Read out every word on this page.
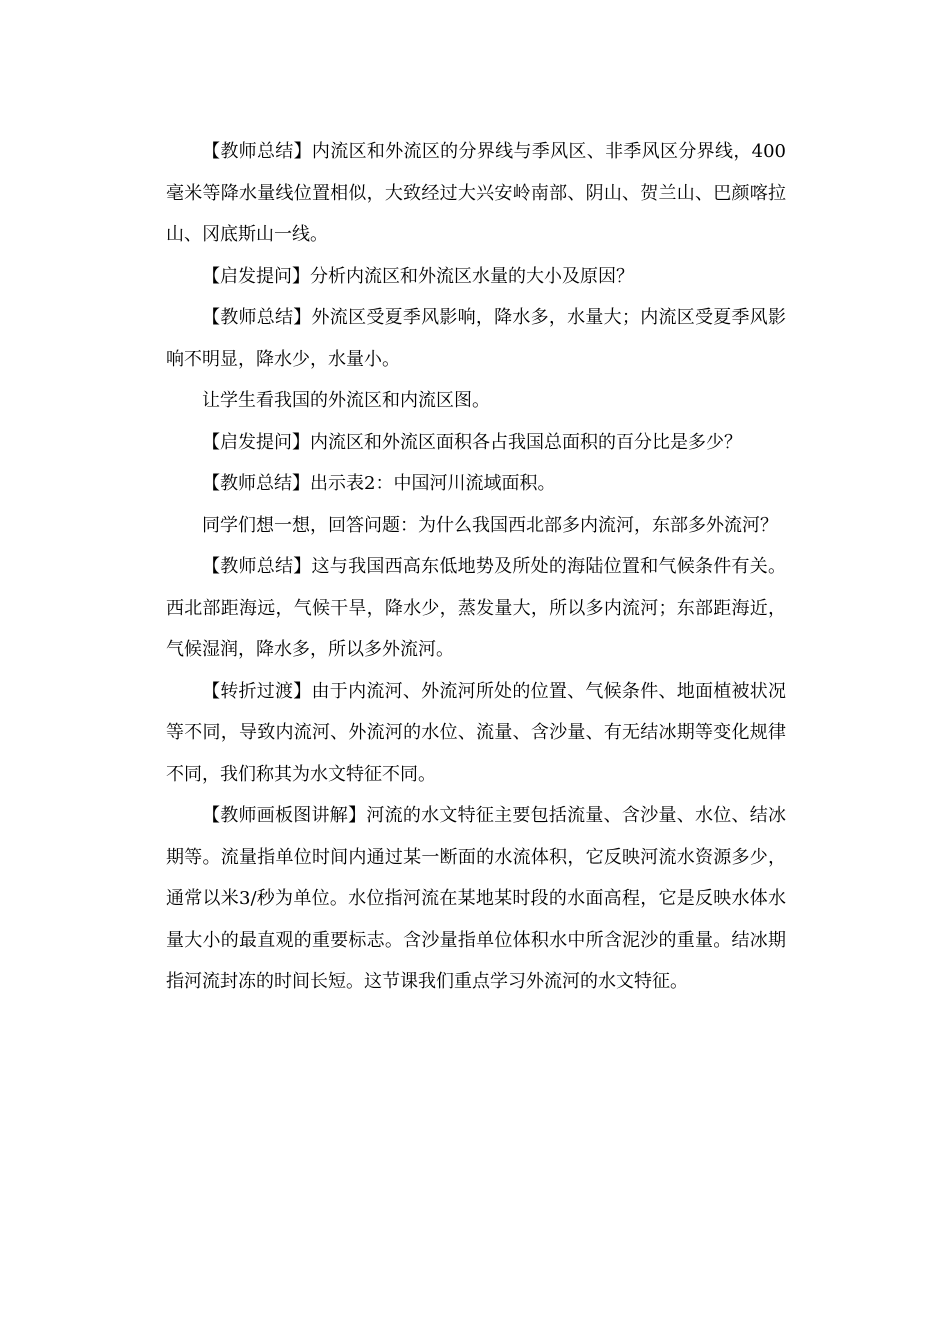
【教师总结】内流区和外流区的分界线与季风区、非季风区分界线，400毫米等降水量线位置相似，大致经过大兴安岭南部、阴山、贺兰山、巴颜喀拉山、冈底斯山一线。

【启发提问】分析内流区和外流区水量的大小及原因？

【教师总结】外流区受夏季风影响，降水多，水量大；内流区受夏季风影响不明显，降水少，水量小。

让学生看我国的外流区和内流区图。

【启发提问】内流区和外流区面积各占我国总面积的百分比是多少？

【教师总结】出示表2：中国河川流域面积。

同学们想一想，回答问题：为什么我国西北部多内流河，东部多外流河？

【教师总结】这与我国西高东低地势及所处的海陆位置和气候条件有关。西北部距海远，气候干旱，降水少，蒸发量大，所以多内流河；东部距海近，气候湿润，降水多，所以多外流河。

【转折过渡】由于内流河、外流河所处的位置、气候条件、地面植被状况等不同，导致内流河、外流河的水位、流量、含沙量、有无结冰期等变化规律不同，我们称其为水文特征不同。

【教师画板图讲解】河流的水文特征主要包括流量、含沙量、水位、结冰期等。流量指单位时间内通过某一断面的水流体积，它反映河流水资源多少，通常以米3/秒为单位。水位指河流在某地某时段的水面高程，它是反映水体水量大小的最直观的重要标志。含沙量指单位体积水中所含泥沙的重量。结冰期指河流封冻的时间长短。这节课我们重点学习外流河的水文特征。
